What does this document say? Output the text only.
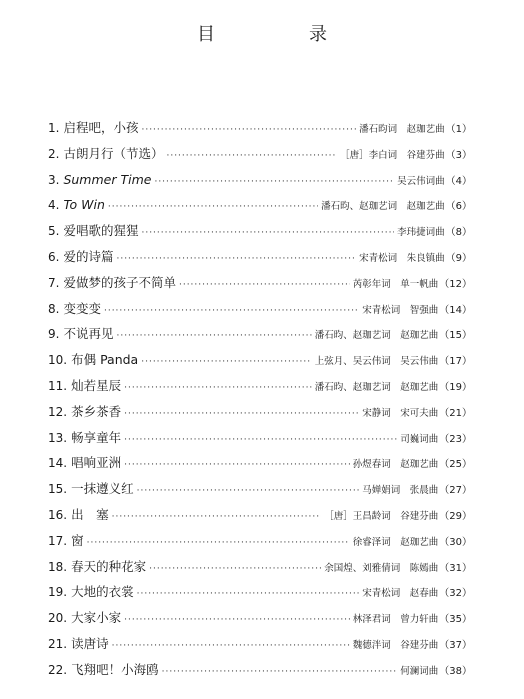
目　录
1. 启程吧，小孩 ·····	潘石昀词　赵珈艺曲 （1）
2. 古朗月行（节选） ·····	［唐］李白词　谷建芬曲 （3）
3. Summer Time ·····	吴云伟词曲 （4）
4. To Win ·····	潘石昀、赵珈艺词　赵珈艺曲 （6）
5. 爱唱歌的猩猩 ·····	李玮捷词曲 （8）
6. 爱的诗篇 ·····	宋青松词　朱良镇曲 （9）
7. 爱做梦的孩子不简单 ·····	芮彰年词　单一帆曲 （12）
8. 变变变 ·····	宋青松词　智强曲 （14）
9. 不说再见 ·····	潘石昀、赵珈艺词　赵珈艺曲 （15）
10. 布偶 Panda ·····	上弦月、吴云伟词　吴云伟曲 （17）
11. 灿若星辰 ·····	潘石昀、赵珈艺词　赵珈艺曲 （19）
12. 茶乡茶香 ·····	宋静词　宋可夫曲 （21）
13. 畅享童年 ·····	司巍词曲 （23）
14. 唱响亚洲 ·····	孙煜春词　赵珈艺曲 （25）
15. 一抹遵义红 ·····	马婵娟词　张晨曲 （27）
16. 出　塞 ·····	［唐］王昌龄词　谷建芬曲 （29）
17. 窗 ·····	徐睿泽词　赵珈艺曲 （30）
18. 春天的种花家 ·····	余国煌、刘雅倩词　陈嫣曲 （31）
19. 大地的衣裳 ·····	宋青松词　赵春曲 （32）
20. 大家小家 ·····	林泽君词　曾力轩曲 （35）
21. 读唐诗 ·····	魏德泮词　谷建芬曲 （37）
22. 飞翔吧！小海鸥 ·····	何澜词曲 （38）
